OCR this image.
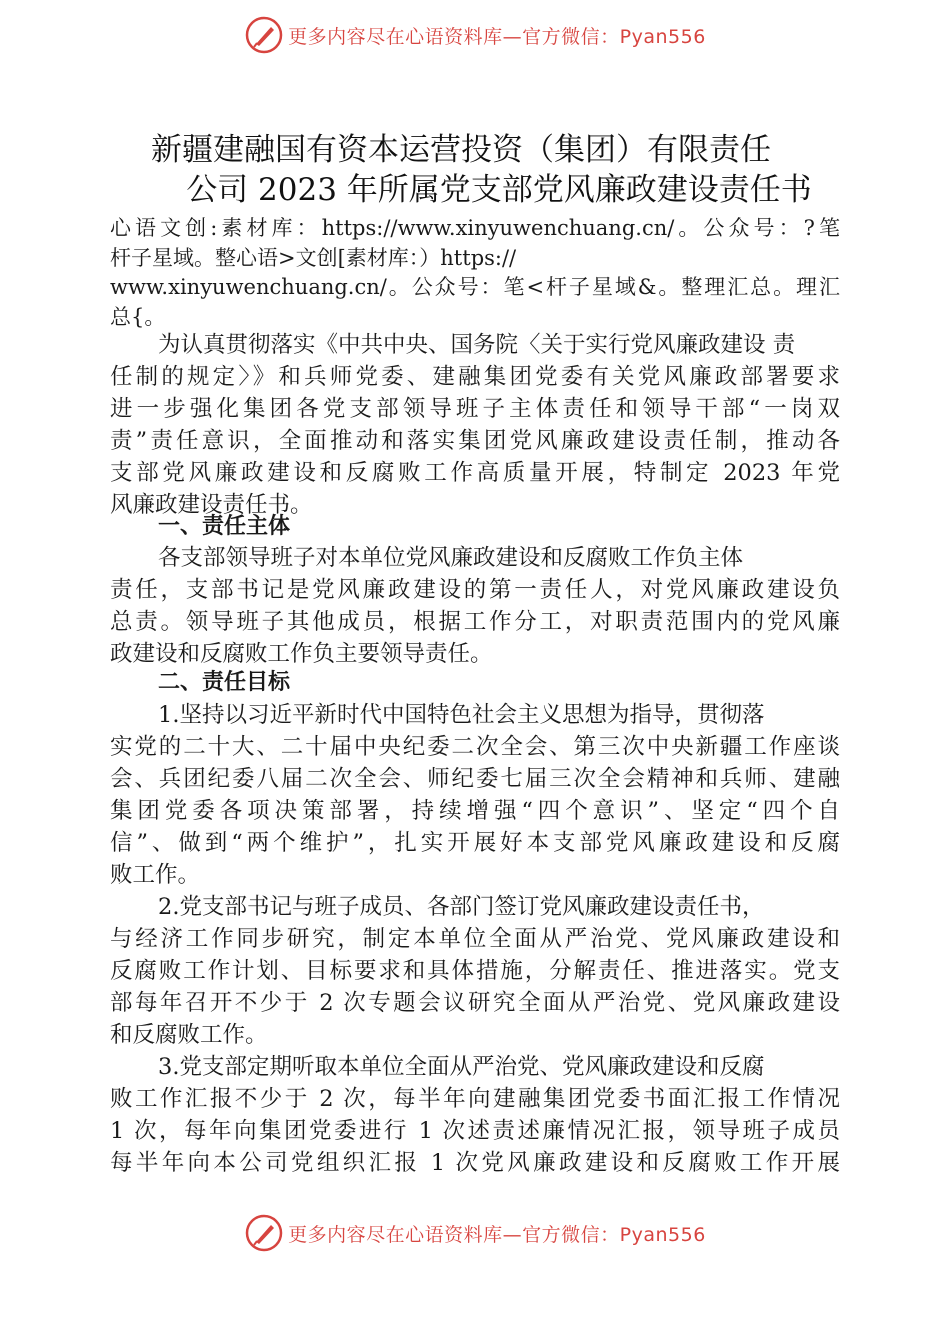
更多内容尽在心语资料库—官方微信：Pyan556
新疆建融国有资本运营投资（集团）有限责任
公司 2023 年所属党支部党风廉政建设责任书
心语文创:素材库：https://www.xinyuwenchuang.cn/。公众号：?笔
杆子星域。整心语>文创[素材库：）https://
www.xinyuwenchuang.cn/。公众号：笔<杆子星域&。整理汇总。理汇
总{。
为认真贯彻落实《中共中央、国务院〈关于实行党风廉政建设 责
任制的规定〉》和兵师党委、建融集团党委有关党风廉政部署要求
进一步强化集团各党支部领导班子主体责任和领导干部“一岗双
责”责任意识，全面推动和落实集团党风廉政建设责任制，推动各
支部党风廉政建设和反腐败工作高质量开展，特制定 2023 年党
风廉政建设责任书。
一、责任主体
各支部领导班子对本单位党风廉政建设和反腐败工作负主体
责任，支部书记是党风廉政建设的第一责任人，对党风廉政建设负
总责。领导班子其他成员，根据工作分工，对职责范围内的党风廉
政建设和反腐败工作负主要领导责任。
二、责任目标
1.坚持以习近平新时代中国特色社会主义思想为指导，贯彻落
实党的二十大、二十届中央纪委二次全会、第三次中央新疆工作座谈
会、兵团纪委八届二次全会、师纪委七届三次全会精神和兵师、建融
集团党委各项决策部署，持续增强“四个意识”、坚定“四个自
信”、做到“两个维护”，扎实开展好本支部党风廉政建设和反腐
败工作。
2.党支部书记与班子成员、各部门签订党风廉政建设责任书，
与经济工作同步研究，制定本单位全面从严治党、党风廉政建设和
反腐败工作计划、目标要求和具体措施，分解责任、推进落实。党支
部每年召开不少于 2 次专题会议研究全面从严治党、党风廉政建设
和反腐败工作。
3.党支部定期听取本单位全面从严治党、党风廉政建设和反腐
败工作汇报不少于 2 次，每半年向建融集团党委书面汇报工作情况
1 次，每年向集团党委进行 1 次述责述廉情况汇报，领导班子成员
每半年向本公司党组织汇报 1 次党风廉政建设和反腐败工作开展
更多内容尽在心语资料库—官方微信：Pyan556
